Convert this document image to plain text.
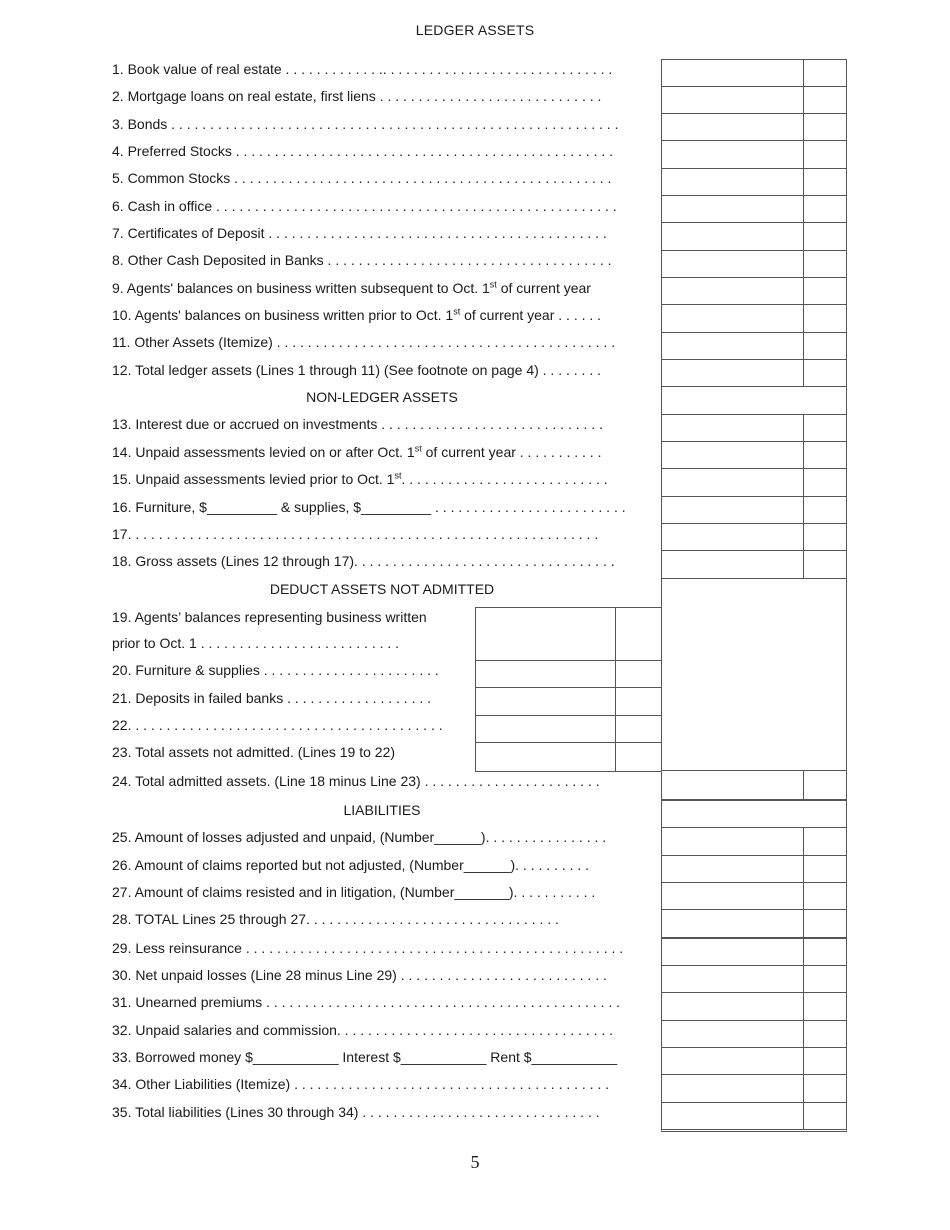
LEDGER ASSETS
1. Book value of real estate . . . . . . . . . . . . .. . . . . . . . . . . . . . . . . . . . . . . . . . . . . .
2. Mortgage loans on real estate, first liens . . . . . . . . . . . . . . . . . . . . . . . . . . . . .
3. Bonds . . . . . . . . . . . . . . . . . . . . . . . . . . . . . . . . . . . . . . . . . . . . . . . . . . . . . . . . . .
4. Preferred Stocks . . . . . . . . . . . . . . . . . . . . . . . . . . . . . . . . . . . . . . . . . . . . . . . . .
5. Common Stocks . . . . . . . . . . . . . . . . . . . . . . . . . . . . . . . . . . . . . . . . . . . . . . . . .
6. Cash in office . . . . . . . . . . . . . . . . . . . . . . . . . . . . . . . . . . . . . . . . . . . . . . . . . . . .
7. Certificates of Deposit . . . . . . . . . . . . . . . . . . . . . . . . . . . . . . . . . . . . . . . . . . . .
8. Other Cash Deposited in Banks . . . . . . . . . . . . . . . . . . . . . . . . . . . . . . . . . . . . .
9. Agents' balances on business written subsequent to Oct. 1st of current year
10. Agents' balances on business written prior to Oct. 1st of current year . . . . . .
11. Other Assets (Itemize) . . . . . . . . . . . . . . . . . . . . . . . . . . . . . . . . . . . . . . . . . . . .
12. Total ledger assets (Lines 1 through 11) (See footnote on page 4) . . . . . . . .
NON-LEDGER ASSETS
13. Interest due or accrued on investments . . . . . . . . . . . . . . . . . . . . . . . . . . . . .
14. Unpaid assessments levied on or after Oct. 1st of current year . . . . . . . . . . .
15. Unpaid assessments levied prior to Oct. 1st. . . . . . . . . . . . . . . . . . . . . . . . . . .
16. Furniture, $_________ & supplies, $_________ . . . . . . . . . . . . . . . . . . . . . . . . .
17. . . . . . . . . . . . . . . . . . . . . . . . . . . . . . . . . . . . . . . . . . . . . . . . . . . . . . . . . . . . .
18. Gross assets (Lines 12 through 17). . . . . . . . . . . . . . . . . . . . . . . . . . . . . . . . . .
DEDUCT ASSETS NOT ADMITTED
19. Agents’ balances representing business written
prior to Oct. 1 . . . . . . . . . . . . . . . . . . . . . . . . . .
20. Furniture & supplies . . . . . . . . . . . . . . . . . . . . . . .
21. Deposits in failed banks . . . . . . . . . . . . . . . . . . .
22. . . . . . . . . . . . . . . . . . . . . . . . . . . . . . . . . . . . . . . . .
23. Total assets not admitted. (Lines 19 to 22)
24. Total admitted assets. (Line 18 minus Line 23) . . . . . . . . . . . . . . . . . . . . . . .
LIABILITIES
25. Amount of losses adjusted and unpaid, (Number______). . . . . . . . . . . . . . . .
26. Amount of claims reported but not adjusted, (Number______). . . . . . . . . .
27. Amount of claims resisted and in litigation, (Number_______). . . . . . . . . . .
28. TOTAL Lines 25 through 27. . . . . . . . . . . . . . . . . . . . . . . . . . . . . . . . .
29. Less reinsurance . . . . . . . . . . . . . . . . . . . . . . . . . . . . . . . . . . . . . . . . . . . . . . . . .
30. Net unpaid losses (Line 28 minus Line 29) . . . . . . . . . . . . . . . . . . . . . . . . . . .
31. Unearned premiums . . . . . . . . . . . . . . . . . . . . . . . . . . . . . . . . . . . . . . . . . . . . . .
32. Unpaid salaries and commission. . . . . . . . . . . . . . . . . . . . . . . . . . . . . . . . . . . .
33. Borrowed money $___________ Interest $___________ Rent $___________
34. Other Liabilities (Itemize) . . . . . . . . . . . . . . . . . . . . . . . . . . . . . . . . . . . . . . . . .
35. Total liabilities (Lines 30 through 34) . . . . . . . . . . . . . . . . . . . . . . . . . . . . . . .
5
